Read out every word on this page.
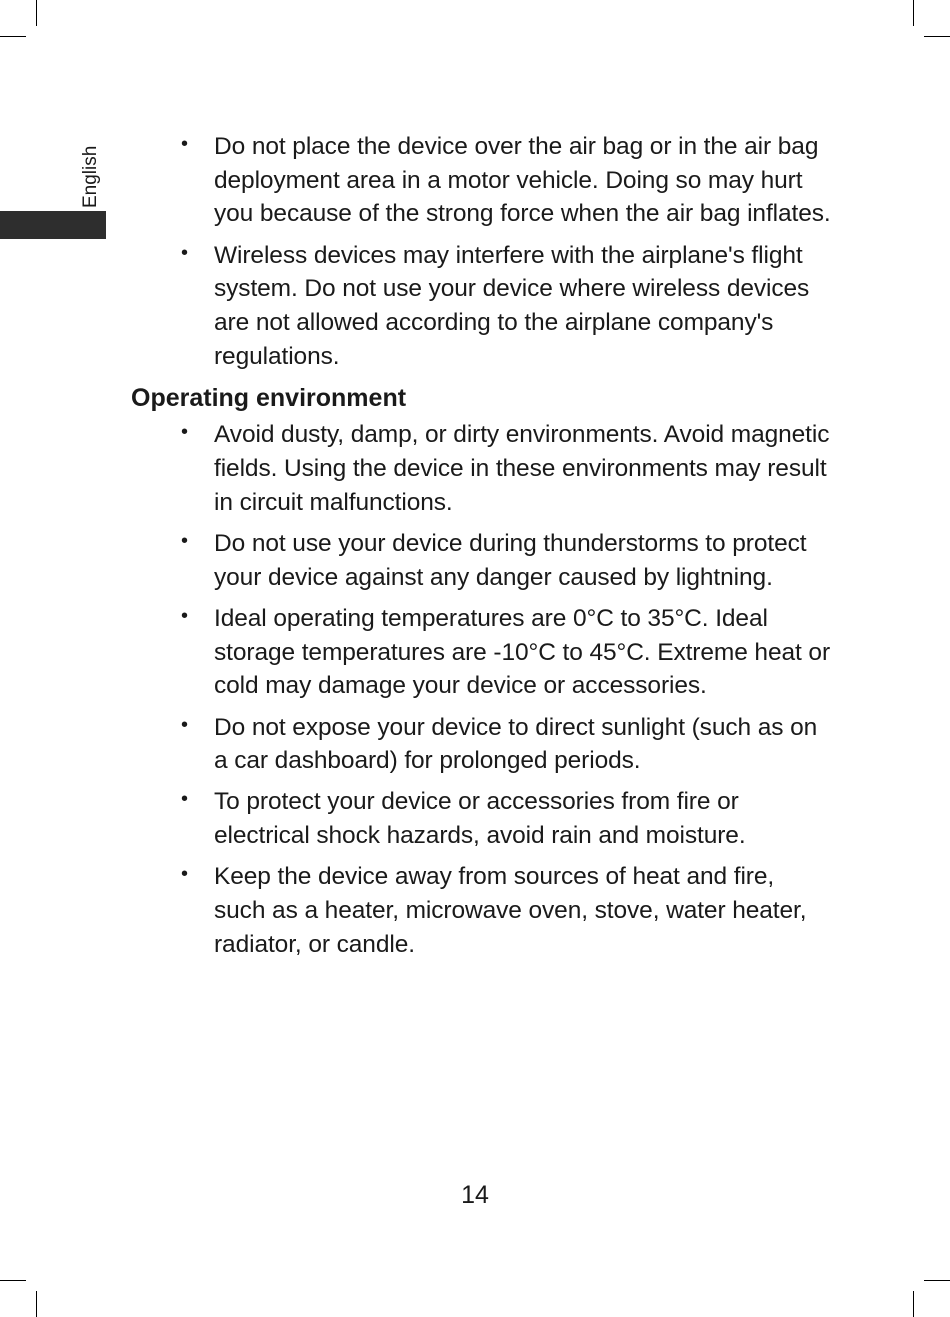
English
• Do not place the device over the air bag or in the air bag deployment area in a motor vehicle. Doing so may hurt you because of the strong force when the air bag inflates.
• Wireless devices may interfere with the airplane's flight system. Do not use your device where wireless devices are not allowed according to the airplane company's regulations.
Operating environment
• Avoid dusty, damp, or dirty environments. Avoid magnetic fields. Using the device in these environments may result in circuit malfunctions.
• Do not use your device during thunderstorms to protect your device against any danger caused by lightning.
• Ideal operating temperatures are 0°C to 35°C. Ideal storage temperatures are -10°C to 45°C. Extreme heat or cold may damage your device or accessories.
• Do not expose your device to direct sunlight (such as on a car dashboard) for prolonged periods.
• To protect your device or accessories from fire or electrical shock hazards, avoid rain and moisture.
• Keep the device away from sources of heat and fire, such as a heater, microwave oven, stove, water heater, radiator, or candle.
14
